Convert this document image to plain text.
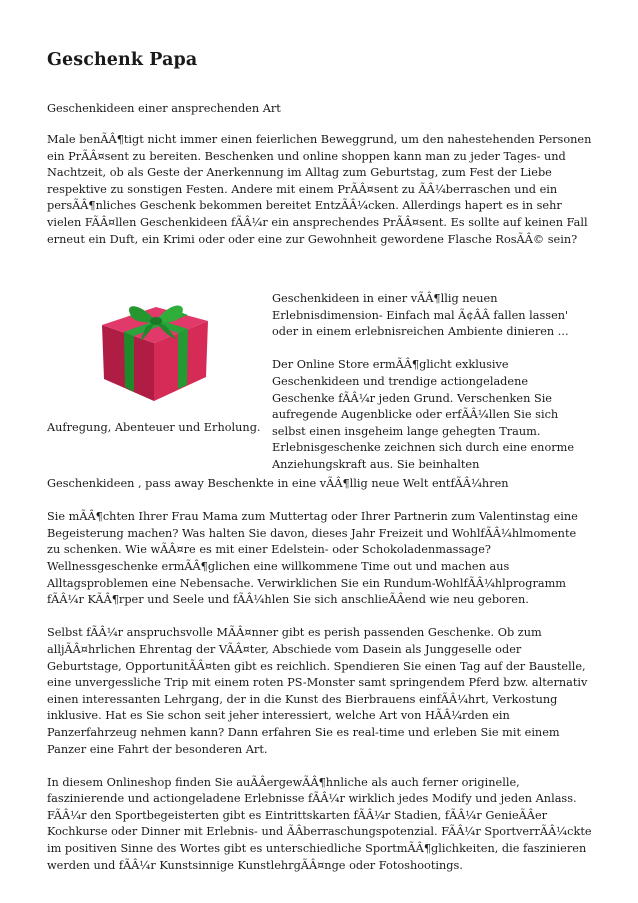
Geschenk Papa

Geschenkideen einer ansprechenden Art

Male benÃÂ¶tigt nicht immer einen feierlichen Beweggrund, um den nahestehenden Personen ein PrÃÂ¤sent zu bereiten. Beschenken und online shoppen kann man zu jeder Tages- und Nachtzeit, ob als Geste der Anerkennung im Alltag zum Geburtstag, zum Fest der Liebe respektive zu sonstigen Festen. Andere mit einem PrÃÂ¤sent zu ÃÂ¼berraschen und ein persÃÂ¶nliches Geschenk bekommen bereitet EntzÃÂ¼cken. Allerdings hapert es in sehr vielen FÃÂ¤llen Geschenkideen fÃÂ¼r ein ansprechendes PrÃÂ¤sent. Es sollte auf keinen Fall erneut ein Duft, ein Krimi oder oder eine zur Gewohnheit gewordene Flasche RosÃÂ© sein?

Geschenkideen in einer vÃÂ¶llig neuen Erlebnisdimension- Einfach mal Ã¢ÂÂ fallen lassen' oder in einem erlebnisreichen Ambiente dinieren ...

Der Online Store ermÃÂ¶glicht exklusive Geschenkideen und trendige actiongeladene Geschenke fÃÂ¼r jeden Grund. Verschenken Sie aufregende Augenblicke oder erfÃÂ¼llen Sie sich selbst einen insgeheim lange gehegten Traum. Erlebnisgeschenke zeichnen sich durch eine enorme Anziehungskraft aus. Sie beinhalten

Aufregung, Abenteuer und Erholung.

Geschenkideen , pass away Beschenkte in eine vÃÂ¶llig neue Welt entfÃÂ¼hren

Sie mÃÂ¶chten Ihrer Frau Mama zum Muttertag oder Ihrer Partnerin zum Valentinstag eine Begeisterung machen? Was halten Sie davon, dieses Jahr Freizeit und WohlfÃÂ¼hlmomente zu schenken. Wie wÃÂ¤re es mit einer Edelstein- oder Schokoladenmassage? Wellnessgeschenke ermÃÂ¶glichen eine willkommene Time out und machen aus Alltagsproblemen eine Nebensache. Verwirklichen Sie ein Rundum-WohlfÃÂ¼hlprogramm fÃÂ¼r KÃÂ¶rper und Seele und fÃÂ¼hlen Sie sich anschlieÃÂend wie neu geboren.

Selbst fÃÂ¼r anspruchsvolle MÃÂ¤nner gibt es perish passenden Geschenke. Ob zum alljÃÂ¤hrlichen Ehrentag der VÃÂ¤ter, Abschiede vom Dasein als Junggeselle oder Geburtstage, OpportunitÃÂ¤ten gibt es reichlich. Spendieren Sie einen Tag auf der Baustelle, eine unvergessliche Trip mit einem roten PS-Monster samt springendem Pferd bzw. alternativ einen interessanten Lehrgang, der in die Kunst des Bierbrauens einfÃÂ¼hrt, Verkostung inklusive. Hat es Sie schon seit jeher interessiert, welche Art von HÃÂ¼rden ein Panzerfahrzeug nehmen kann? Dann erfahren Sie es real-time und erleben Sie mit einem Panzer eine Fahrt der besonderen Art.

In diesem Onlineshop finden Sie auÃÂergewÃÂ¶hnliche als auch ferner originelle, faszinierende und actiongeladene Erlebnisse fÃÂ¼r wirklich jedes Modify und jeden Anlass. FÃÂ¼r den Sportbegeisterten gibt es Eintrittskarten fÃÂ¼r Stadien, fÃÂ¼r GenieÃÂer Kochkurse oder Dinner mit Erlebnis- und ÃÂberraschungspotenzial. FÃÂ¼r SportverrÃÂ¼ckte im positiven Sinne des Wortes gibt es unterschiedliche SportmÃÂ¶glichkeiten, die faszinieren werden und fÃÂ¼r Kunstsinnige KunstlehrgÃÂ¤nge oder Fotoshootings.
